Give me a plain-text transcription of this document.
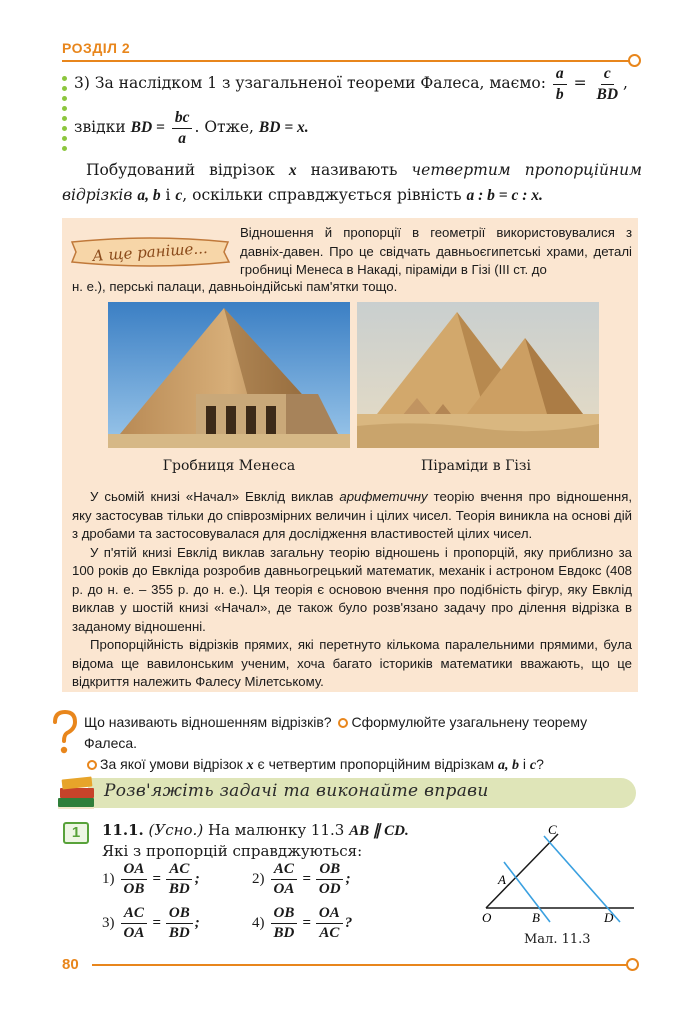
РОЗДІЛ 2
3) За наслідком 1 з узагальненої теореми Фалеса, маємо: $\frac{a}{b} = \frac{c}{BD}$ ,
звідки BD = $\frac{bc}{a}$ . Отже, BD = x.
Побудований відрізок x називають четвертим пропорційним відрізків a, b і c, оскільки справджується рівність a : b = c : x.
А ще раніше...
Відношення й пропорції в геометрії використовувалися з давніх-давен. Про це свідчать давньоєгипетські храми, деталі гробниці Менеса в Накаді, піраміди в Гізі (III ст. до
н. е.), перські палаци, давньоіндійські пам'ятки тощо.
Гробниця Менеса	Піраміди в Гізі

У сьомій книзі «Начал» Евклід виклав арифметичну теорію вчення про відношення, яку застосував тільки до співрозмірних величин і цілих чисел. Теорія виникла на основі дій з дробами та застосовувалася для дослідження властивостей цілих чисел.

У п'ятій книзі Евклід виклав загальну теорію відношень і пропорцій, яку приблизно за 100 років до Евкліда розробив давньогрецький математик, механік і астроном Евдокс (408 р. до н. е. – 355 р. до н. е.). Ця теорія є основою вчення про подібність фігур, яку Евклід виклав у шостій книзі «Начал», де також було розв'язано задачу про ділення відрізка в заданому відношенні.

Пропорційність відрізків прямих, які перетнуто кількома паралельними прямими, була відома ще вавилонським ученим, хоча багато істориків математики вважають, що це відкриття належить Фалесу Мілетському.

Що називають відношенням відрізків? Сформулюйте узагальнену теорему Фалеса.
За якої умови відрізок x є четвертим пропорційним відрізкам a, b і c?
Розв'яжіть задачі та виконайте вправи
1	11.1. (Усно.) На малюнку 11.3 AB ∥ CD.
Які з пропорцій справджуються:
$1) \frac{OA}{OB} = \frac{AC}{BD}$ ;	$2) \frac{AC}{OA} = \frac{OB}{OD}$ ;
$3) \frac{AC}{OA} = \frac{OB}{BD}$ ;	$4) \frac{OB}{BD} = \frac{OA}{AC}$ ?
C
A
O	B	D
Мал. 11.3
80
